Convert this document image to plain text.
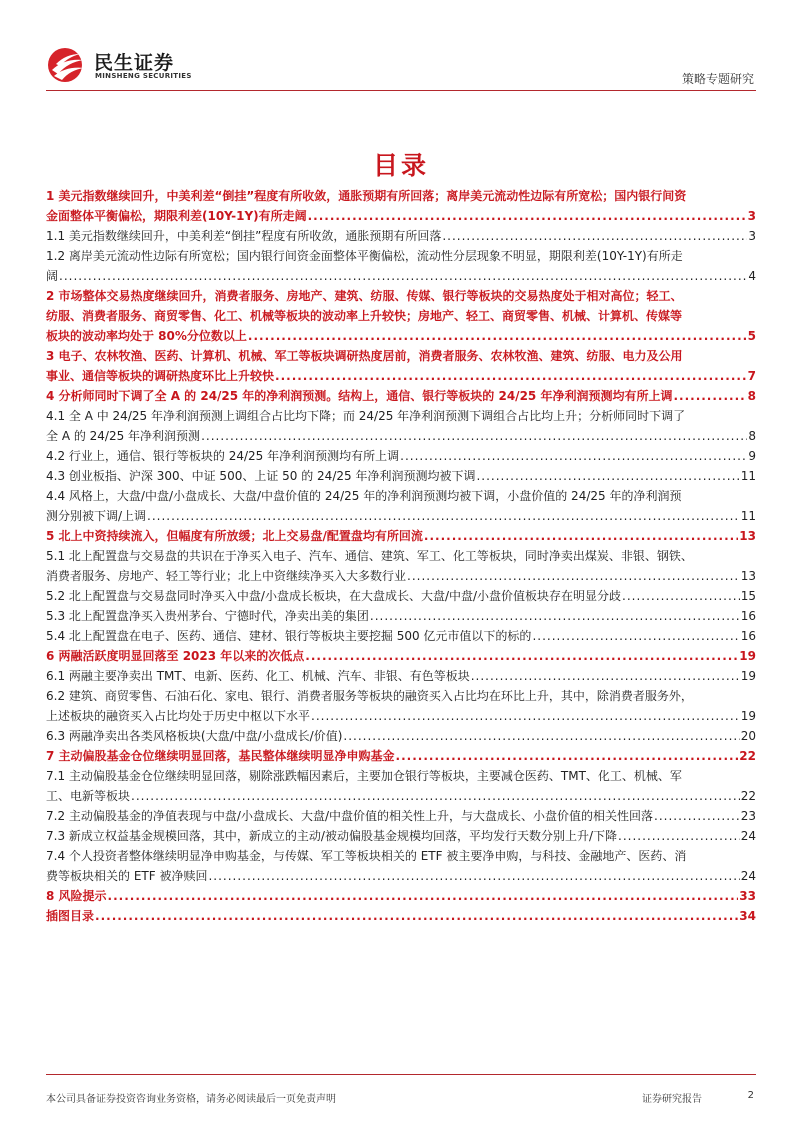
民生证券
MINSHENG SECURITIES	策略专题研究
目录
1 美元指数继续回升，中美利差“倒挂”程度有所收敛，通胀预期有所回落；离岸美元流动性边际有所宽松；国内银行间资
金面整体平衡偏松，期限利差(10Y-1Y)有所走阔 .....	3
1.1 美元指数继续回升，中美利差“倒挂”程度有所收敛，通胀预期有所回落 .....	3
1.2 离岸美元流动性边际有所宽松；国内银行间资金面整体平衡偏松，流动性分层现象不明显，期限利差(10Y-1Y)有所走
阔 .....	4
2 市场整体交易热度继续回升，消费者服务、房地产、建筑、纺服、传媒、银行等板块的交易热度处于相对高位；轻工、
纺服、消费者服务、商贸零售、化工、机械等板块的波动率上升较快；房地产、轻工、商贸零售、机械、计算机、传媒等
板块的波动率均处于 80%分位数以上 .....	5
3 电子、农林牧渔、医药、计算机、机械、军工等板块调研热度居前，消费者服务、农林牧渔、建筑、纺服、电力及公用
事业、通信等板块的调研热度环比上升较快 .....	7
4 分析师同时下调了全 A 的 24/25 年的净利润预测。结构上，通信、银行等板块的 24/25 年净利润预测均有所上调 .....	8
4.1 全 A 中 24/25 年净利润预测上调组合占比均下降；而 24/25 年净利润预测下调组合占比均上升；分析师同时下调了
全 A 的 24/25 年净利润预测 .....	8
4.2 行业上，通信、银行等板块的 24/25 年净利润预测均有所上调 .....	9
4.3 创业板指、沪深 300、中证 500、上证 50 的 24/25 年净利润预测均被下调 .....	11
4.4 风格上，大盘/中盘/小盘成长、大盘/中盘价值的 24/25 年的净利润预测均被下调，小盘价值的 24/25 年的净利润预
测分别被下调/上调 .....	11
5 北上中资持续流入，但幅度有所放缓；北上交易盘/配置盘均有所回流 .....	13
5.1 北上配置盘与交易盘的共识在于净买入电子、汽车、通信、建筑、军工、化工等板块，同时净卖出煤炭、非银、钢铁、
消费者服务、房地产、轻工等行业；北上中资继续净买入大多数行业 .....	13
5.2 北上配置盘与交易盘同时净买入中盘/小盘成长板块，在大盘成长、大盘/中盘/小盘价值板块存在明显分歧 .....	15
5.3 北上配置盘净买入贵州茅台、宁德时代，净卖出美的集团 .....	16
5.4 北上配置盘在电子、医药、通信、建材、银行等板块主要挖掘 500 亿元市值以下的标的 .....	16
6 两融活跃度明显回落至 2023 年以来的次低点 .....	19
6.1 两融主要净卖出 TMT、电新、医药、化工、机械、汽车、非银、有色等板块 .....	19
6.2 建筑、商贸零售、石油石化、家电、银行、消费者服务等板块的融资买入占比均在环比上升，其中，除消费者服务外，
上述板块的融资买入占比均处于历史中枢以下水平 .....	19
6.3 两融净卖出各类风格板块(大盘/中盘/小盘成长/价值) .....	20
7 主动偏股基金仓位继续明显回落，基民整体继续明显净申购基金 .....	22
7.1 主动偏股基金仓位继续明显回落，剔除涨跌幅因素后，主要加仓银行等板块，主要减仓医药、TMT、化工、机械、军
工、电新等板块 .....	22
7.2 主动偏股基金的净值表现与中盘/小盘成长、大盘/中盘价值的相关性上升，与大盘成长、小盘价值的相关性回落 .....	23
7.3 新成立权益基金规模回落，其中，新成立的主动/被动偏股基金规模均回落，平均发行天数分别上升/下降 .....	24
7.4 个人投资者整体继续明显净申购基金，与传媒、军工等板块相关的 ETF 被主要净申购，与科技、金融地产、医药、消
费等板块相关的 ETF 被净赎回 .....	24
8 风险提示 .....	33
插图目录 .....	34
本公司具备证券投资咨询业务资格，请务必阅读最后一页免责声明	证券研究报告	2
